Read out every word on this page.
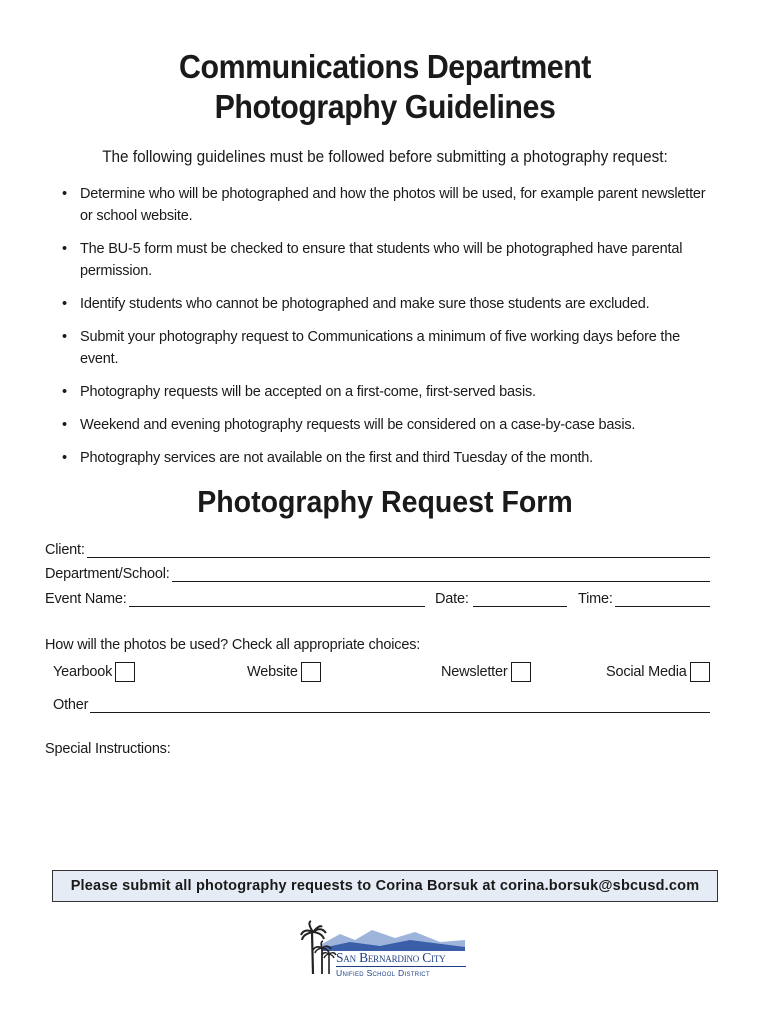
Communications Department
Photography Guidelines
The following guidelines must be followed before submitting a photography request:
• Determine who will be photographed and how the photos will be used, for example parent newsletter or school website.
• The BU-5 form must be checked to ensure that students who will be photographed have parental permission.
• Identify students who cannot be photographed and make sure those students are excluded.
• Submit your photography request to Communications a minimum of five working days before the event.
• Photography requests will be accepted on a first-come, first-served basis.
• Weekend and evening photography requests will be considered on a case-by-case basis.
• Photography services are not available on the first and third Tuesday of the month.
Photography Request Form
Client:
Department/School:
Event Name:	Date:	Time:
How will the photos be used? Check all appropriate choices:
Yearbook	Website	Newsletter	Social Media
Other
Special Instructions:
Please submit all photography requests to Corina Borsuk at corina.borsuk@sbcusd.com
San Bernardino City
Unified School District
